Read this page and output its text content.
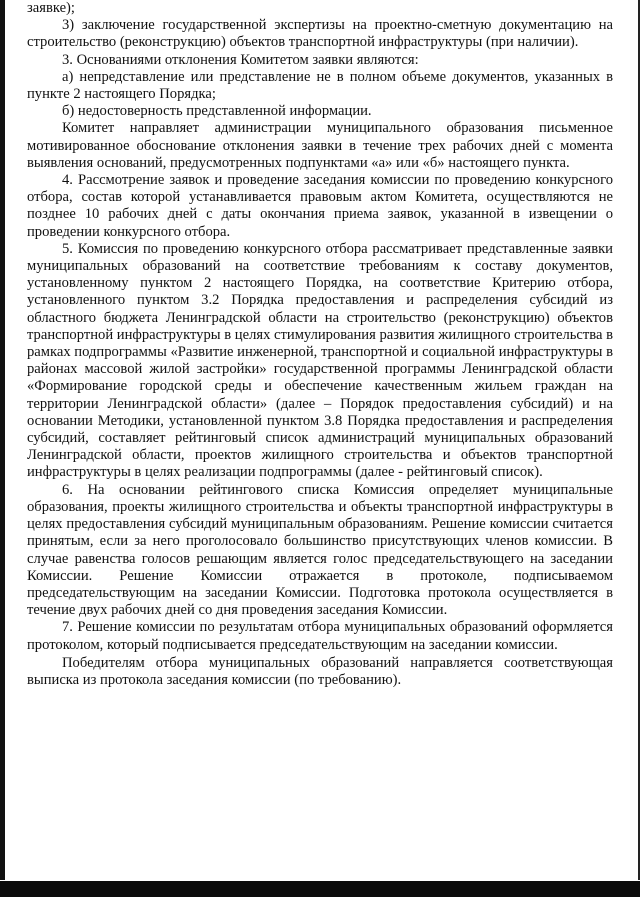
заявке);

3) заключение государственной экспертизы на проектно-сметную документацию на строительство (реконструкцию) объектов транспортной инфраструктуры (при наличии).

3. Основаниями отклонения Комитетом заявки являются:

а) непредставление или представление не в полном объеме документов, указанных в пункте 2 настоящего Порядка;

б) недостоверность представленной информации.

Комитет направляет администрации муниципального образования письменное мотивированное обоснование отклонения заявки в течение трех рабочих дней с момента выявления оснований, предусмотренных подпунктами «а» или «б» настоящего пункта.

4. Рассмотрение заявок и проведение заседания комиссии по проведению конкурсного отбора, состав которой устанавливается правовым актом Комитета, осуществляются не позднее 10 рабочих дней с даты окончания приема заявок, указанной в извещении о проведении конкурсного отбора.

5. Комиссия по проведению конкурсного отбора рассматривает представленные заявки муниципальных образований на соответствие требованиям к составу документов, установленному пунктом 2 настоящего Порядка, на соответствие Критерию отбора, установленного пунктом 3.2 Порядка предоставления и распределения субсидий из областного бюджета Ленинградской области на строительство (реконструкцию) объектов транспортной инфраструктуры в целях стимулирования развития жилищного строительства в рамках подпрограммы «Развитие инженерной, транспортной и социальной инфраструктуры в районах массовой жилой застройки» государственной программы Ленинградской области «Формирование городской среды и обеспечение качественным жильем граждан на территории Ленинградской области» (далее – Порядок предоставления субсидий) и на основании Методики, установленной пунктом 3.8 Порядка предоставления и распределения субсидий, составляет рейтинговый список администраций муниципальных образований Ленинградской области, проектов жилищного строительства и объектов транспортной инфраструктуры в целях реализации подпрограммы (далее - рейтинговый список).

6. На основании рейтингового списка Комиссия определяет муниципальные образования, проекты жилищного строительства и объекты транспортной инфраструктуры в целях предоставления субсидий муниципальным образованиям. Решение комиссии считается принятым, если за него проголосовало большинство присутствующих членов комиссии. В случае равенства голосов решающим является голос председательствующего на заседании Комиссии. Решение Комиссии отражается в протоколе, подписываемом председательствующим на заседании Комиссии. Подготовка протокола осуществляется в течение двух рабочих дней со дня проведения заседания Комиссии.

7. Решение комиссии по результатам отбора муниципальных образований оформляется протоколом, который подписывается председательствующим на заседании комиссии.

Победителям отбора муниципальных образований направляется соответствующая выписка из протокола заседания комиссии (по требованию).
